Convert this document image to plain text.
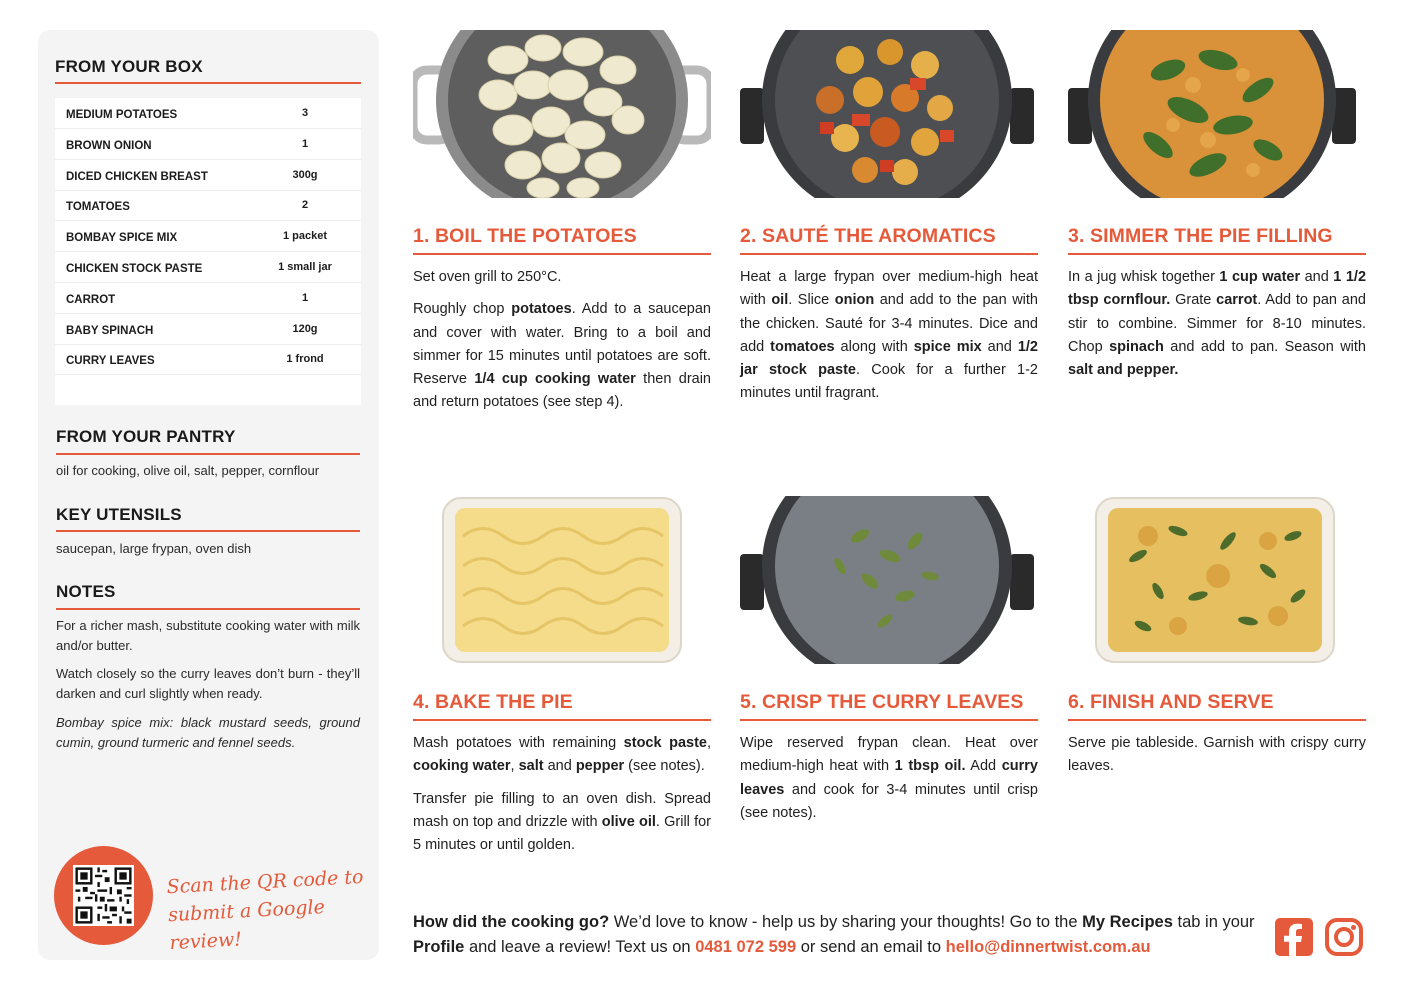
FROM YOUR BOX
MEDIUM POTATOES	3
BROWN ONION	1
DICED CHICKEN BREAST	300g
TOMATOES	2
BOMBAY SPICE MIX	1 packet
CHICKEN STOCK PASTE	1 small jar
CARROT	1
BABY SPINACH	120g
CURRY LEAVES	1 frond
FROM YOUR PANTRY
oil for cooking, olive oil, salt, pepper, cornflour
KEY UTENSILS
saucepan, large frypan, oven dish
NOTES
For a richer mash, substitute cooking water with milk and/or butter.
Watch closely so the curry leaves don’t burn - they’ll darken and curl slightly when ready.
Bombay spice mix: black mustard seeds, ground cumin, ground turmeric and fennel seeds.
Scan the QR code to
submit a Google review!
1. BOIL THE POTATOES	2. SAUTÉ THE AROMATICS	3. SIMMER THE PIE FILLING
4. BAKE THE PIE	5. CRISP THE CURRY LEAVES 6. FINISH AND SERVE

Set oven grill to 250°C.

Roughly chop potatoes. Add to a saucepan and cover with water. Bring to a boil and simmer for 15 minutes until potatoes are soft. Reserve 1/4 cup cooking water then drain and return potatoes (see step 4).

Heat a large frypan over medium-high heat with oil. Slice onion and add to the pan with the chicken. Sauté for 3-4 minutes. Dice and add tomatoes along with spice mix and 1/2 jar stock paste. Cook for a further 1-2 minutes until fragrant.

In a jug whisk together 1 cup water and 1 1/2 tbsp cornflour. Grate carrot. Add to pan and stir to combine. Simmer for 8-10 minutes. Chop spinach and add to pan. Season with salt and pepper.

Mash potatoes with remaining stock paste, cooking water, salt and pepper (see notes).

Transfer pie filling to an oven dish. Spread mash on top and drizzle with olive oil. Grill for 5 minutes or until golden.

Wipe reserved frypan clean. Heat over medium-high heat with 1 tbsp oil. Add curry leaves and cook for 3-4 minutes until crisp (see notes).

Serve pie tableside. Garnish with crispy curry leaves.

How did the cooking go? We’d love to know - help us by sharing your thoughts! Go to the My Recipes tab in your Profile and leave a review! Text us on 0481 072 599 or send an email to hello@dinnertwist.com.au
